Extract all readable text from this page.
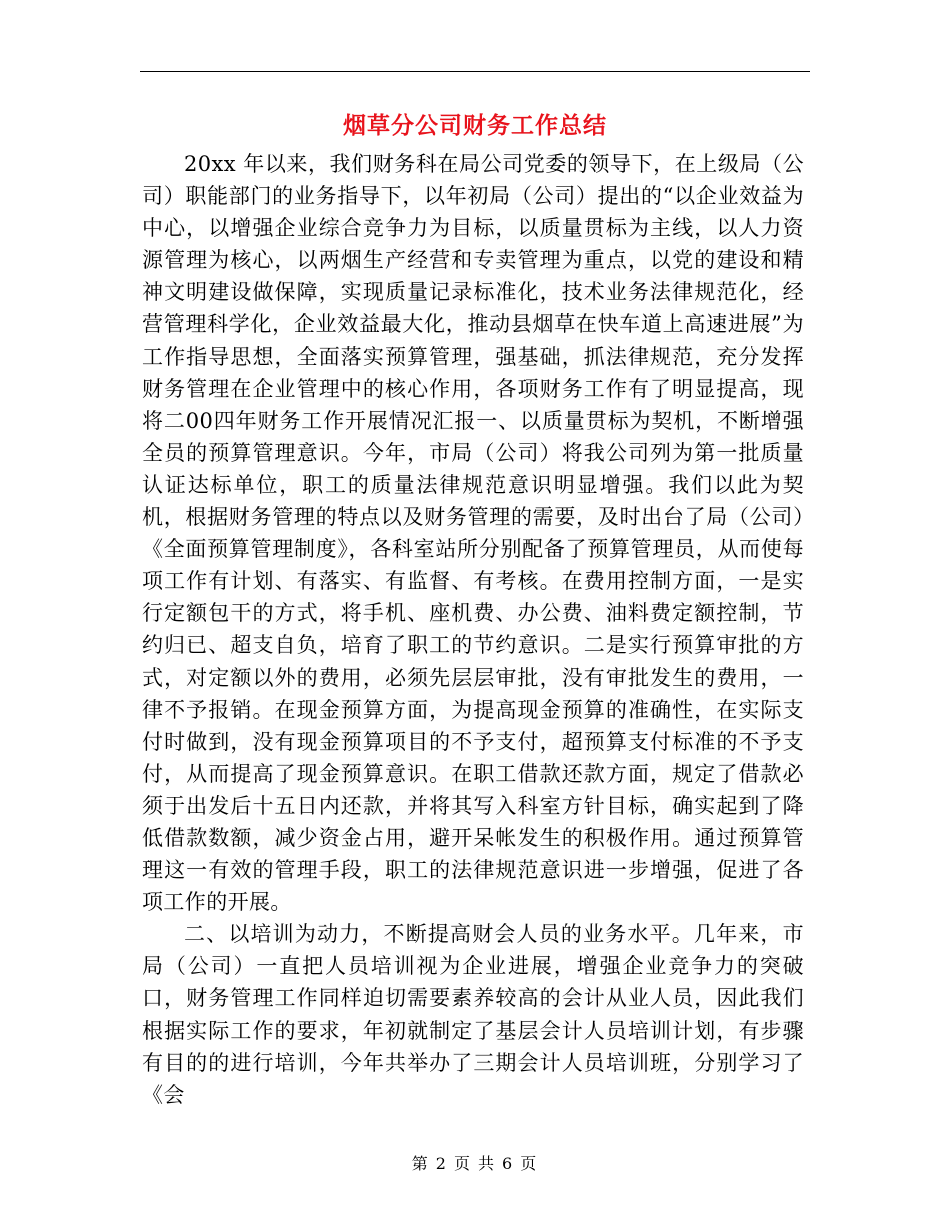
烟草分公司财务工作总结

20xx 年以来，我们财务科在局公司党委的领导下，在上级局（公司）职能部门的业务指导下，以年初局（公司）提出的“以企业效益为中心，以增强企业综合竞争力为目标，以质量贯标为主线，以人力资源管理为核心，以两烟生产经营和专卖管理为重点，以党的建设和精神文明建设做保障，实现质量记录标准化，技术业务法律规范化，经营管理科学化，企业效益最大化，推动县烟草在快车道上高速进展”为工作指导思想，全面落实预算管理，强基础，抓法律规范，充分发挥财务管理在企业管理中的核心作用，各项财务工作有了明显提高，现将二00四年财务工作开展情况汇报一、以质量贯标为契机，不断增强全员的预算管理意识。今年，市局（公司）将我公司列为第一批质量认证达标单位，职工的质量法律规范意识明显增强。我们以此为契机，根据财务管理的特点以及财务管理的需要，及时出台了局（公司）《全面预算管理制度》，各科室站所分别配备了预算管理员，从而使每项工作有计划、有落实、有监督、有考核。在费用控制方面，一是实行定额包干的方式，将手机、座机费、办公费、油料费定额控制，节约归已、超支自负，培育了职工的节约意识。二是实行预算审批的方式，对定额以外的费用，必须先层层审批，没有审批发生的费用，一律不予报销。在现金预算方面，为提高现金预算的准确性，在实际支付时做到，没有现金预算项目的不予支付，超预算支付标准的不予支付，从而提高了现金预算意识。在职工借款还款方面，规定了借款必须于出发后十五日内还款，并将其写入科室方针目标，确实起到了降低借款数额，减少资金占用，避开呆帐发生的积极作用。通过预算管理这一有效的管理手段，职工的法律规范意识进一步增强，促进了各项工作的开展。

二、以培训为动力，不断提高财会人员的业务水平。几年来，市局（公司）一直把人员培训视为企业进展，增强企业竞争力的突破口，财务管理工作同样迫切需要素养较高的会计从业人员，因此我们根据实际工作的要求，年初就制定了基层会计人员培训计划，有步骤有目的的进行培训，今年共举办了三期会计人员培训班，分别学习了《会

第 2 页 共 6 页
